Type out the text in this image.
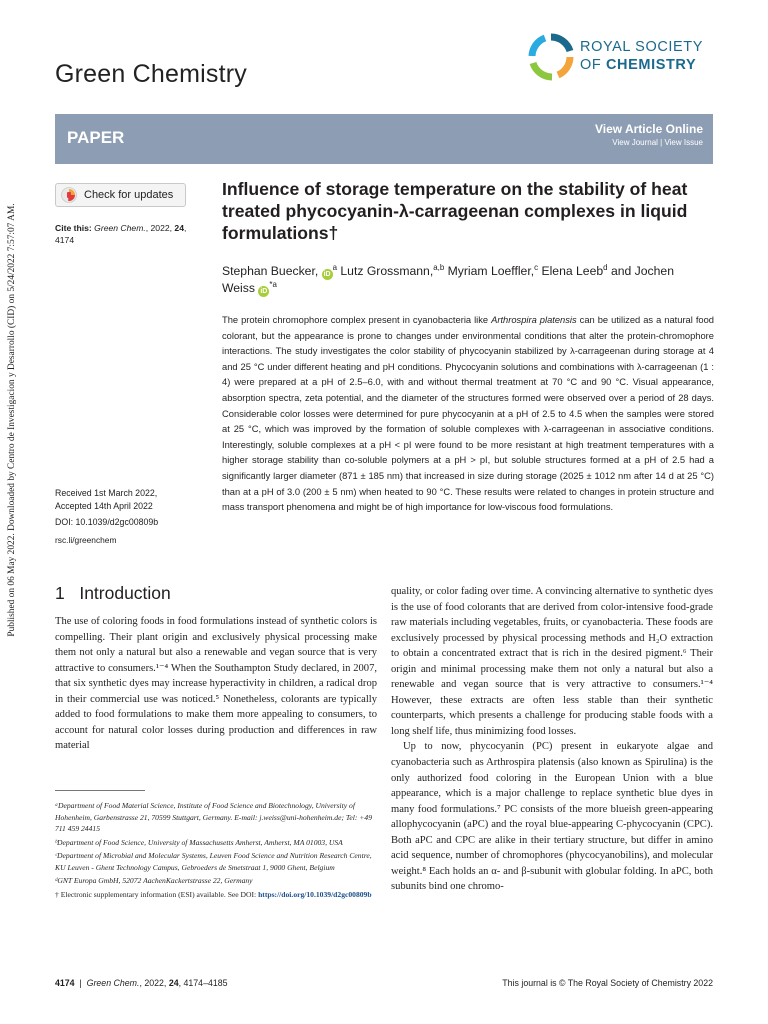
Published on 06 May 2022. Downloaded by Centro de Investigacion y Desarrollo (CID) on 5/24/2022 7:57:07 AM.
Green Chemistry
ROYAL SOCIETY
OF CHEMISTRY
PAPER	View Article Online
View Journal | View Issue
Check for updates
Cite this: Green Chem., 2022, 24, 4174
Influence of storage temperature on the stability of heat treated phycocyanin-λ-carrageenan complexes in liquid formulations†
Stephan Buecker, $iD^a$ Lutz Grossmann,$^{a,b}$ Myriam Loeffler,$^c$ Elena Leeb$^d$ and Jochen Weiss $iD^{*a}$
The protein chromophore complex present in cyanobacteria like Arthrospira platensis can be utilized as a natural food colorant, but the appearance is prone to changes under environmental conditions that alter the protein-chromophore interactions. The study investigates the color stability of phycocyanin stabilized by λ-carrageenan during storage at 4 and 25 °C under different heating and pH conditions. Phycocyanin solutions and combinations with λ-carrageenan (1 : 4) were prepared at a pH of 2.5–6.0, with and without thermal treatment at 70 °C and 90 °C. Visual appearance, absorption spectra, zeta potential, and the diameter of the structures formed were observed over a period of 28 days. Considerable color losses were determined for pure phycocyanin at a pH of 2.5 to 4.5 when the samples were stored at 25 °C, which was improved by the formation of soluble complexes with λ-carrageenan in associative conditions. Interestingly, soluble complexes at a pH < pI were found to be more resistant at high treatment temperatures with a higher storage stability than co-soluble polymers at a pH > pI, but soluble structures formed at a pH of 2.5 had a significantly larger diameter (871 ± 185 nm) that increased in size during storage (2025 ± 1012 nm after 14 d at 25 °C) than at a pH of 3.0 (200 ± 5 nm) when heated to 90 °C. These results were related to changes in protein structure and mass transport phenomena and might be of high importance for low-viscous food formulations.
Received 1st March 2022,
Accepted 14th April 2022
DOI: 10.1039/d2gc00809b
rsc.li/greenchem
1 Introduction

The use of coloring foods in food formulations instead of synthetic colors is compelling. Their plant origin and exclusively physical processing make them not only a natural but also a renewable and vegan source that is very attractive to consumers.¹⁻⁴ When the Southampton Study declared, in 2007, that six synthetic dyes may increase hyperactivity in children, a radical drop in their commercial use was noticed.⁵ Nonetheless, colorants are typically added to food formulations to make them more appealing to consumers, to account for natural color losses during production and differences in raw material

quality, or color fading over time. A convincing alternative to synthetic dyes is the use of food colorants that are derived from color-intensive food-grade raw materials including vegetables, fruits, or cyanobacteria. These foods are exclusively processed by physical processing methods and H₂O extraction to obtain a concentrated extract that is rich in the desired pigment.⁶ Their origin and minimal processing make them not only a natural but also a renewable and vegan source that is very attractive to consumers.¹⁻⁴ However, these extracts are often less stable than their synthetic counterparts, which presents a challenge for producing stable foods with a long shelf life, thus minimizing food losses.

Up to now, phycocyanin (PC) present in eukaryote algae and cyanobacteria such as Arthrospira platensis (also known as Spirulina) is the only authorized food coloring in the European Union with a blue appearance, which is a major challenge to replace synthetic blue dyes in many food formulations.⁷ PC consists of the more blueish green-appearing allophycocyanin (aPC) and the royal blue-appearing C-phycocyanin (CPC). Both aPC and CPC are alike in their tertiary structure, but differ in amino acid sequence, number of chromophores (phycocyanobilins), and molecular weight.⁸ Each holds an α- and β-subunit with globular folding. In aPC, both subunits bind one chromo-

ᵃDepartment of Food Material Science, Institute of Food Science and Biotechnology, University of Hohenheim, Garbenstrasse 21, 70599 Stuttgart, Germany. E-mail: j.weiss@uni-hohenheim.de; Tel: +49 711 459 24415

ᵇDepartment of Food Science, University of Massachusetts Amherst, Amherst, MA 01003, USA

ᶜDepartment of Microbial and Molecular Systems, Leuven Food Science and Nutrition Research Centre, KU Leuven - Ghent Technology Campus, Gebroeders de Smetstraat 1, 9000 Ghent, Belgium

ᵈGNT Europa GmbH, 52072 AachenKackertstrasse 22, Germany

† Electronic supplementary information (ESI) available. See DOI: https://doi.org/10.1039/d2gc00809b

4174  |  Green Chem., 2022, 24, 4174–4185	This journal is © The Royal Society of Chemistry 2022
